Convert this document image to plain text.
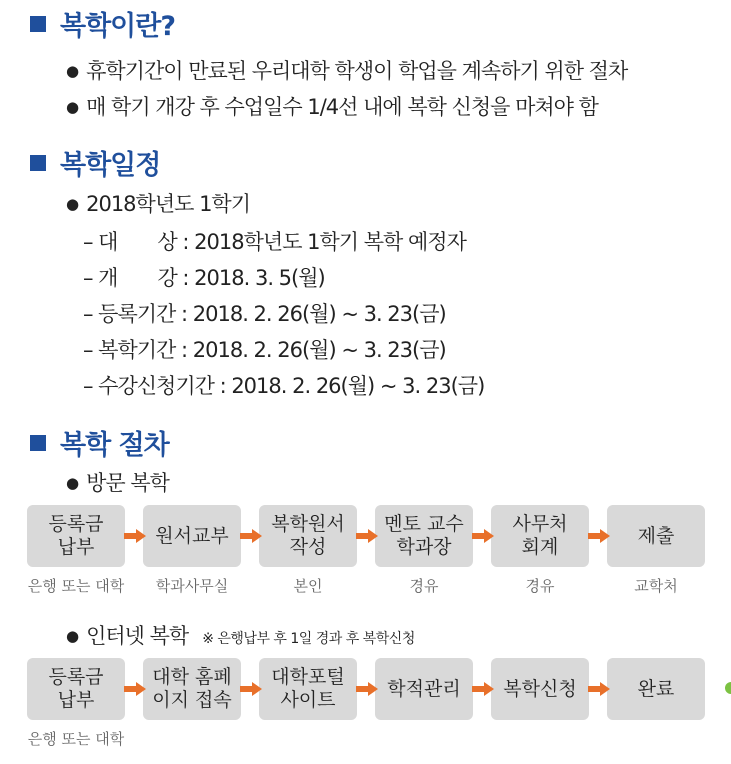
복학이란?
● 휴학기간이 만료된 우리대학 학생이 학업을 계속하기 위한 절차
● 매 학기 개강 후 수업일수 1/4선 내에 복학 신청을 마쳐야 함
복학일정
● 2018학년도 1학기
– 대　　상 : 2018학년도 1학기 복학 예정자
– 개　　강 : 2018. 3. 5(월)
– 등록기간 : 2018. 2. 26(월) ~ 3. 23(금)
– 복학기간 : 2018. 2. 26(월) ~ 3. 23(금)
– 수강신청기간 : 2018. 2. 26(월) ~ 3. 23(금)
복학 절차
● 방문 복학
등록금
납부
원서교부
복학원서
작성
멘토 교수
학과장
사무처
회계
제출
은행 또는 대학	학과사무실	본인	경유	경유	교학처
● 인터넷 복학 ※ 은행납부 후 1일 경과 후 복학신청
등록금
납부
대학 홈페
이지 접속
대학포털
사이트
학적관리	복학신청	완료
은행 또는 대학
